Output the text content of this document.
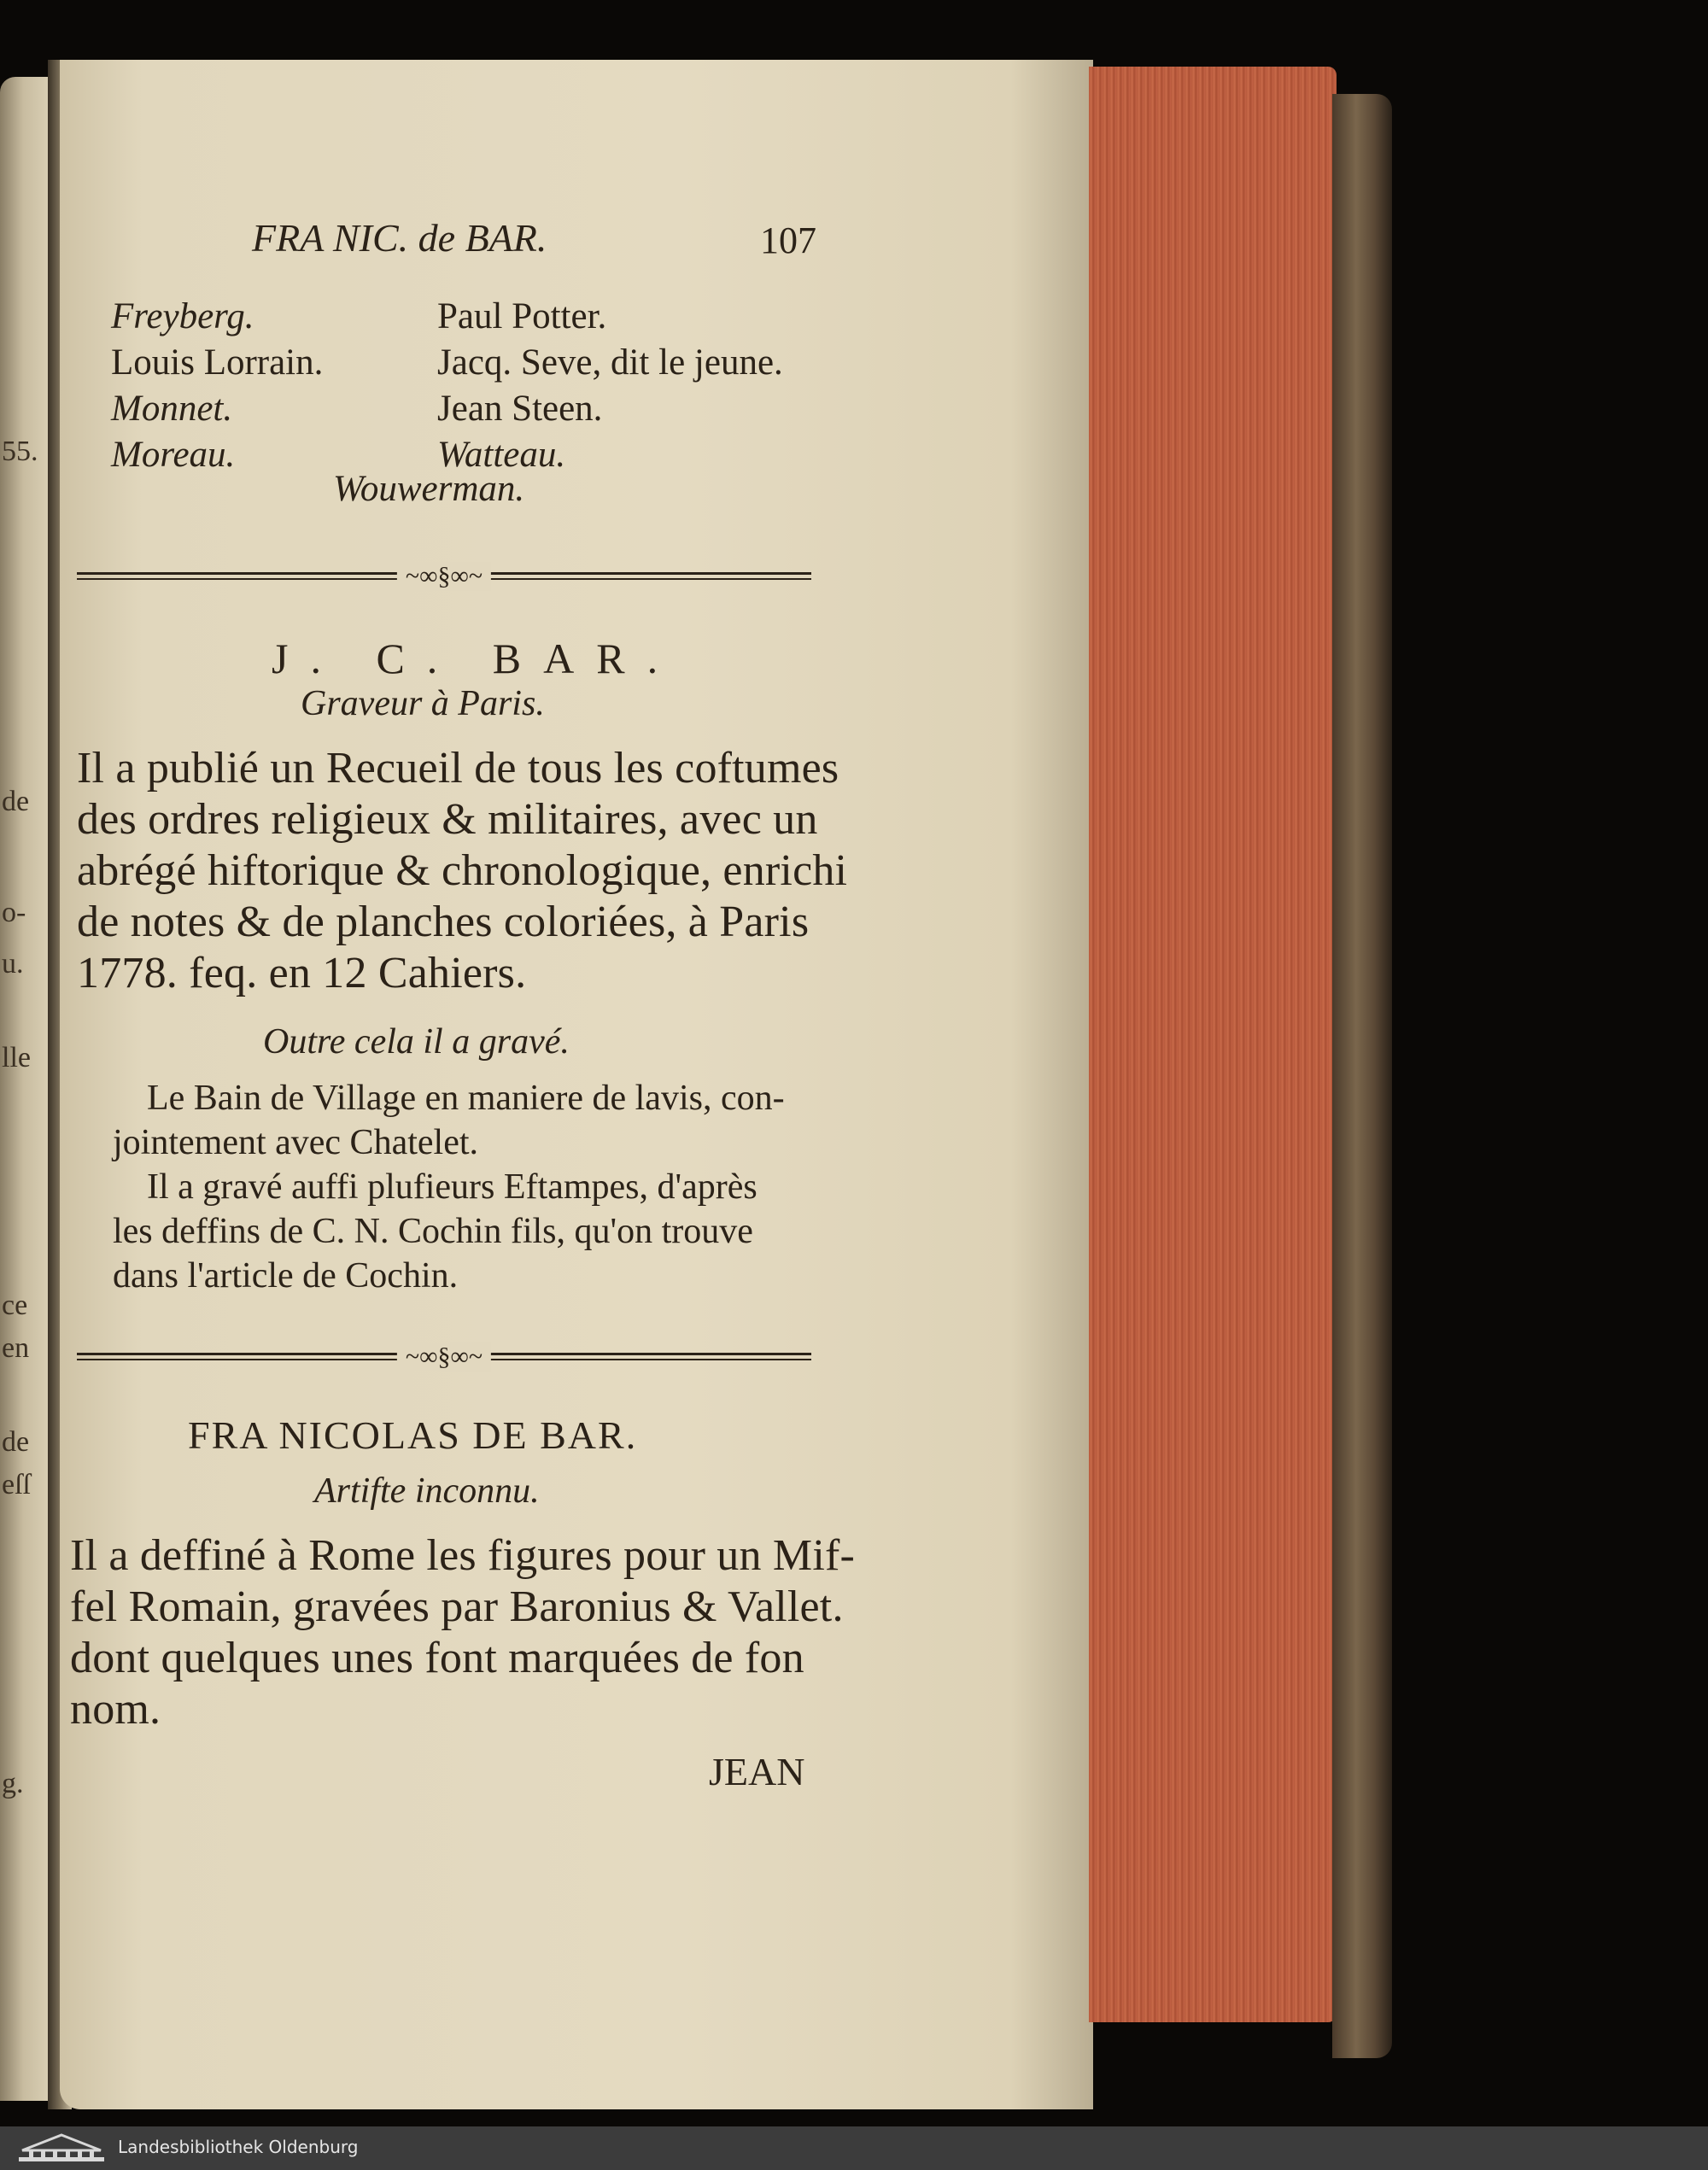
55.
de
o-
u.
lle
ce
en
de
eſſ
g.
FRA NIC. de BAR.	107
Freyberg.
Louis Lorrain.
Monnet.
Moreau.
Paul Potter.
Jacq. Seve, dit le jeune.
Jean Steen.
Watteau.
Wouwerman.
~∞§∞~
J. C. BAR.
Graveur à Paris.
Il a publié un Recueil de tous les coftumes
des ordres religieux & militaires, avec un
abrégé hiftorique & chronologique, enrichi
de notes & de planches coloriées, à Paris
1778. feq. en 12 Cahiers.
Outre cela il a gravé.
Le Bain de Village en maniere de lavis, con-
jointement avec Chatelet.
Il a gravé auffi plufieurs Eftampes, d'après
les deffins de C. N. Cochin fils, qu'on trouve
dans l'article de Cochin.
~∞§∞~
FRA NICOLAS DE BAR.
Artifte inconnu.
Il a deffiné à Rome les figures pour un Mif-
fel Romain, gravées par Baronius & Vallet.
dont quelques unes font marquées de fon
nom.
JEAN
Landesbibliothek Oldenburg
